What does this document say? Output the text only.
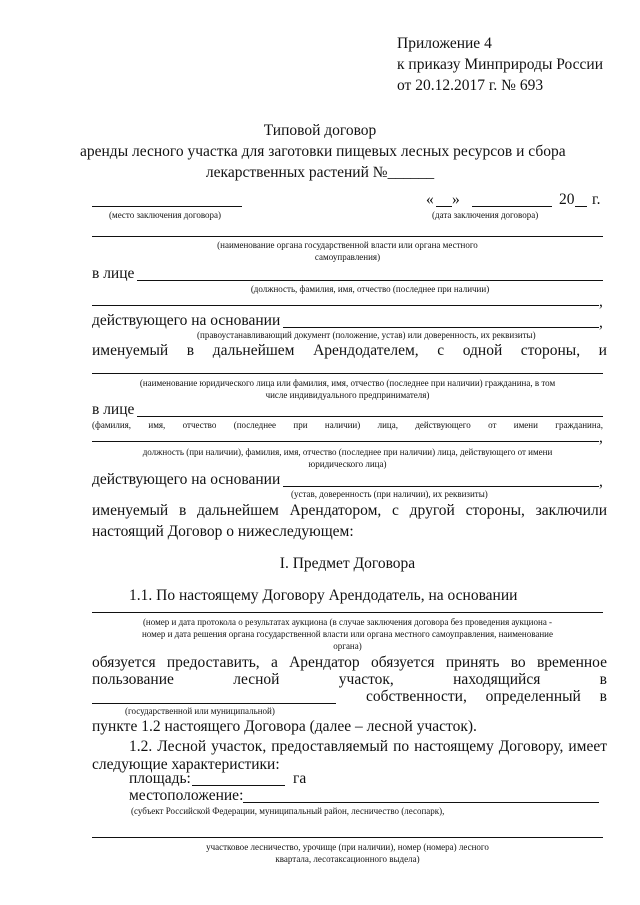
Приложение 4
к приказу Минприроды России
от 20.12.2017 г. № 693
Типовой договор
аренды лесного участка для заготовки пищевых лесных ресурсов и сбора
лекарственных растений №______
« »	20 г.
(место заключения договора)	(дата заключения договора)
(наименование органа государственной власти или органа местного
самоуправления)
в лице
(должность, фамилия, имя, отчество (последнее при наличии)
,
действующего на основании	,
(правоустанавливающий документ (положение, устав) или доверенность, их реквизиты)
именуемый в дальнейшем Арендодателем, с одной стороны, и
(наименование юридического лица или фамилия, имя, отчество (последнее при наличии) гражданина, в том
числе индивидуального предпринимателя)
в лице
(фамилия, имя, отчество (последнее при наличии) лица, действующего от имени гражданина,
,
должность (при наличии), фамилия, имя, отчество (последнее при наличии) лица, действующего от имени
юридического лица)
действующего на основании	,
(устав, доверенность (при наличии), их реквизиты)
именуемый в дальнейшем Арендатором, с другой стороны, заключили
настоящий Договор о нижеследующем:
I. Предмет Договора
1.1. По настоящему Договору Арендодатель, на основании
(номер и дата протокола о результатах аукциона (в случае заключения договора без проведения аукциона -
номер и дата решения органа государственной власти или органа местного самоуправления, наименование
органа)
обязуется предоставить, а Арендатор обязуется принять во временное
пользование	лесной	участок,	находящийся	в
собственности, определенный в
(государственной или муниципальной)
пункте 1.2 настоящего Договора (далее – лесной участок).
1.2. Лесной участок, предоставляемый по настоящему Договору, имеет
следующие характеристики:
площадь:	га
местоположение:
(субъект Российской Федерации, муниципальный район, лесничество (лесопарк),
участковое лесничество, урочище (при наличии), номер (номера) лесного
квартала, лесотаксационного выдела)
